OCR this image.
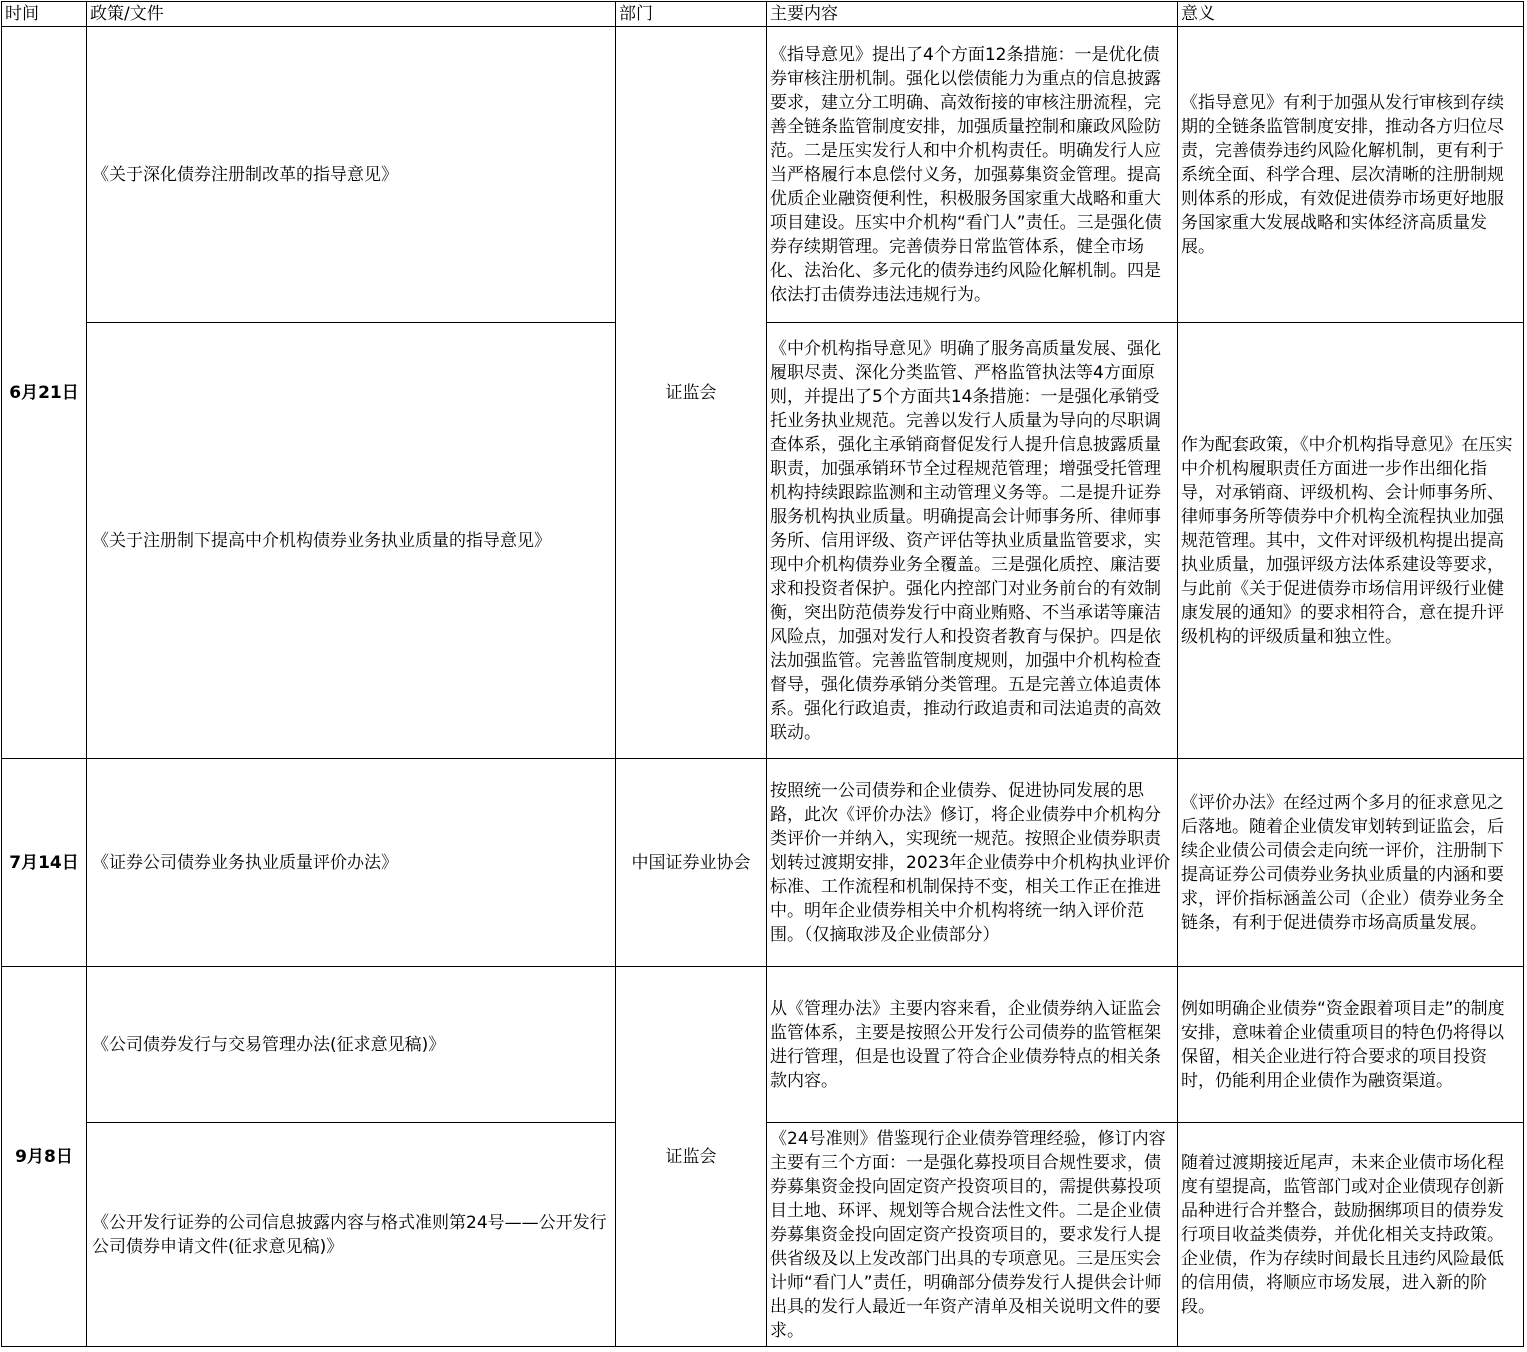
时间	政策/文件	部门	主要内容	意义
6月21日	《关于深化债券注册制改革的指导意见》	证监会	《指导意见》提出了4个方面12条措施：一是优化债券审核注册机制。强化以偿债能力为重点的信息披露要求，建立分工明确、高效衔接的审核注册流程，完善全链条监管制度安排，加强质量控制和廉政风险防范。二是压实发行人和中介机构责任。明确发行人应当严格履行本息偿付义务，加强募集资金管理。提高优质企业融资便利性，积极服务国家重大战略和重大项目建设。压实中介机构“看门人”责任。三是强化债券存续期管理。完善债券日常监管体系，健全市场化、法治化、多元化的债券违约风险化解机制。四是依法打击债券违法违规行为。	《指导意见》有利于加强从发行审核到存续期的全链条监管制度安排，推动各方归位尽责，完善债券违约风险化解机制，更有利于系统全面、科学合理、层次清晰的注册制规则体系的形成，有效促进债券市场更好地服务国家重大发展战略和实体经济高质量发展。
	《关于注册制下提高中介机构债券业务执业质量的指导意见》		《中介机构指导意见》明确了服务高质量发展、强化履职尽责、深化分类监管、严格监管执法等4方面原则，并提出了5个方面共14条措施：一是强化承销受托业务执业规范。完善以发行人质量为导向的尽职调查体系，强化主承销商督促发行人提升信息披露质量职责，加强承销环节全过程规范管理；增强受托管理机构持续跟踪监测和主动管理义务等。二是提升证券服务机构执业质量。明确提高会计师事务所、律师事务所、信用评级、资产评估等执业质量监管要求，实现中介机构债券业务全覆盖。三是强化质控、廉洁要求和投资者保护。强化内控部门对业务前台的有效制衡，突出防范债券发行中商业贿赂、不当承诺等廉洁风险点，加强对发行人和投资者教育与保护。四是依法加强监管。完善监管制度规则，加强中介机构检查督导，强化债券承销分类管理。五是完善立体追责体系。强化行政追责，推动行政追责和司法追责的高效联动。	作为配套政策，《中介机构指导意见》在压实中介机构履职责任方面进一步作出细化指导，对承销商、评级机构、会计师事务所、律师事务所等债券中介机构全流程执业加强规范管理。其中，文件对评级机构提出提高执业质量，加强评级方法体系建设等要求，与此前《关于促进债券市场信用评级行业健康发展的通知》的要求相符合，意在提升评级机构的评级质量和独立性。
7月14日	《证券公司债券业务执业质量评价办法》	中国证券业协会	按照统一公司债券和企业债券、促进协同发展的思路，此次《评价办法》修订，将企业债券中介机构分类评价一并纳入，实现统一规范。按照企业债券职责划转过渡期安排，2023年企业债券中介机构执业评价标准、工作流程和机制保持不变，相关工作正在推进中。明年企业债券相关中介机构将统一纳入评价范围。（仅摘取涉及企业债部分）	《评价办法》在经过两个多月的征求意见之后落地。随着企业债发审划转到证监会，后续企业债公司债会走向统一评价，注册制下提高证券公司债券业务执业质量的内涵和要求，评价指标涵盖公司（企业）债券业务全链条，有利于促进债券市场高质量发展。
9月8日	《公司债券发行与交易管理办法(征求意见稿)》	证监会	从《管理办法》主要内容来看，企业债券纳入证监会监管体系，主要是按照公开发行公司债券的监管框架进行管理，但是也设置了符合企业债券特点的相关条款内容。	例如明确企业债券“资金跟着项目走”的制度安排，意味着企业债重项目的特色仍将得以保留，相关企业进行符合要求的项目投资时，仍能利用企业债作为融资渠道。
	《公开发行证券的公司信息披露内容与格式准则第24号——公开发行公司债券申请文件(征求意见稿)》		《24号准则》借鉴现行企业债券管理经验，修订内容主要有三个方面：一是强化募投项目合规性要求，债券募集资金投向固定资产投资项目的，需提供募投项目土地、环评、规划等合规合法性文件。二是企业债券募集资金投向固定资产投资项目的，要求发行人提供省级及以上发改部门出具的专项意见。三是压实会计师“看门人”责任，明确部分债券发行人提供会计师出具的发行人最近一年资产清单及相关说明文件的要求。	随着过渡期接近尾声，未来企业债市场化程度有望提高，监管部门或对企业债现存创新品种进行合并整合，鼓励捆绑项目的债券发行项目收益类债券，并优化相关支持政策。企业债，作为存续时间最长且违约风险最低的信用债，将顺应市场发展，进入新的阶段。
